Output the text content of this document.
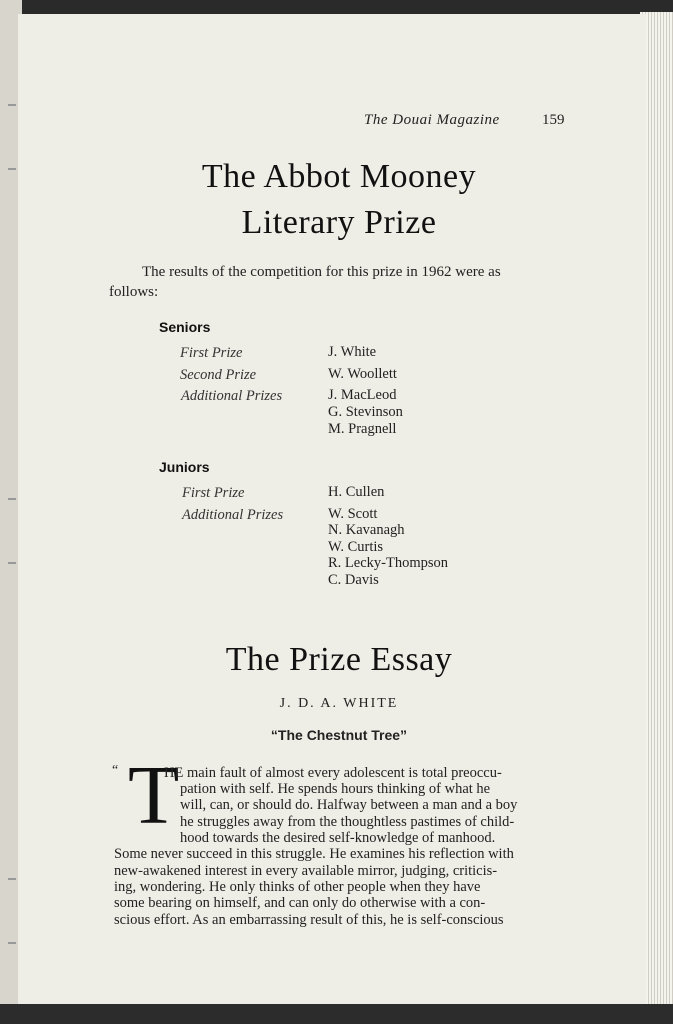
The Douai Magazine	159
The Abbot Mooney
Literary Prize
The results of the competition for this prize in 1962 were as
follows:
Seniors
First Prize	J. White
Second Prize	W. Woollett
Additional Prizes	J. MacLeod
G. Stevinson
M. Pragnell
Juniors
First Prize	H. Cullen
Additional Prizes	W. Scott
N. Kavanagh
W. Curtis
R. Lecky-Thompson
C. Davis
The Prize Essay
J. D. A. WHITE
“The Chestnut Tree”
“ T
HE main fault of almost every adolescent is total preoccu-
pation with self. He spends hours thinking of what he
will, can, or should do. Halfway between a man and a boy
he struggles away from the thoughtless pastimes of child-
hood towards the desired self-knowledge of manhood.
Some never succeed in this struggle. He examines his reflection with
new-awakened interest in every available mirror, judging, criticis-
ing, wondering. He only thinks of other people when they have
some bearing on himself, and can only do otherwise with a con-
scious effort. As an embarrassing result of this, he is self-conscious
